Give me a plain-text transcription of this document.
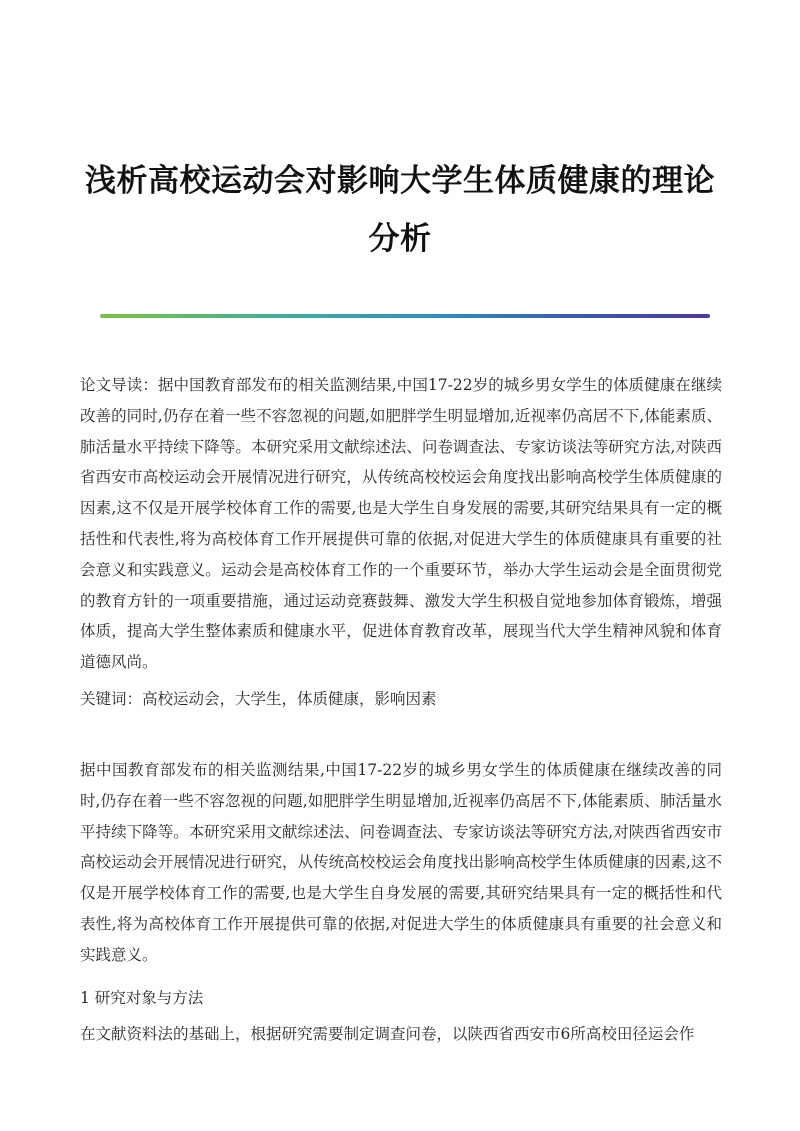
浅析高校运动会对影响大学生体质健康的理论分析

论文导读：据中国教育部发布的相关监测结果,中国17-22岁的城乡男女学生的体质健康在继续改善的同时,仍存在着一些不容忽视的问题,如肥胖学生明显增加,近视率仍高居不下,体能素质、肺活量水平持续下降等。本研究采用文献综述法、问卷调查法、专家访谈法等研究方法,对陕西省西安市高校运动会开展情况进行研究，从传统高校校运会角度找出影响高校学生体质健康的因素,这不仅是开展学校体育工作的需要,也是大学生自身发展的需要,其研究结果具有一定的概括性和代表性,将为高校体育工作开展提供可靠的依据,对促进大学生的体质健康具有重要的社会意义和实践意义。运动会是高校体育工作的一个重要环节，举办大学生运动会是全面贯彻党的教育方针的一项重要措施，通过运动竞赛鼓舞、激发大学生积极自觉地参加体育锻炼，增强体质，提高大学生整体素质和健康水平，促进体育教育改革，展现当代大学生精神风貌和体育道德风尚。

关键词：高校运动会，大学生，体质健康，影响因素

据中国教育部发布的相关监测结果,中国17-22岁的城乡男女学生的体质健康在继续改善的同时,仍存在着一些不容忽视的问题,如肥胖学生明显增加,近视率仍高居不下,体能素质、肺活量水平持续下降等。本研究采用文献综述法、问卷调查法、专家访谈法等研究方法,对陕西省西安市高校运动会开展情况进行研究，从传统高校校运会角度找出影响高校学生体质健康的因素,这不仅是开展学校体育工作的需要,也是大学生自身发展的需要,其研究结果具有一定的概括性和代表性,将为高校体育工作开展提供可靠的依据,对促进大学生的体质健康具有重要的社会意义和实践意义。

1 研究对象与方法

在文献资料法的基础上，根据研究需要制定调查问卷，以陕西省西安市6所高校田径运会作
